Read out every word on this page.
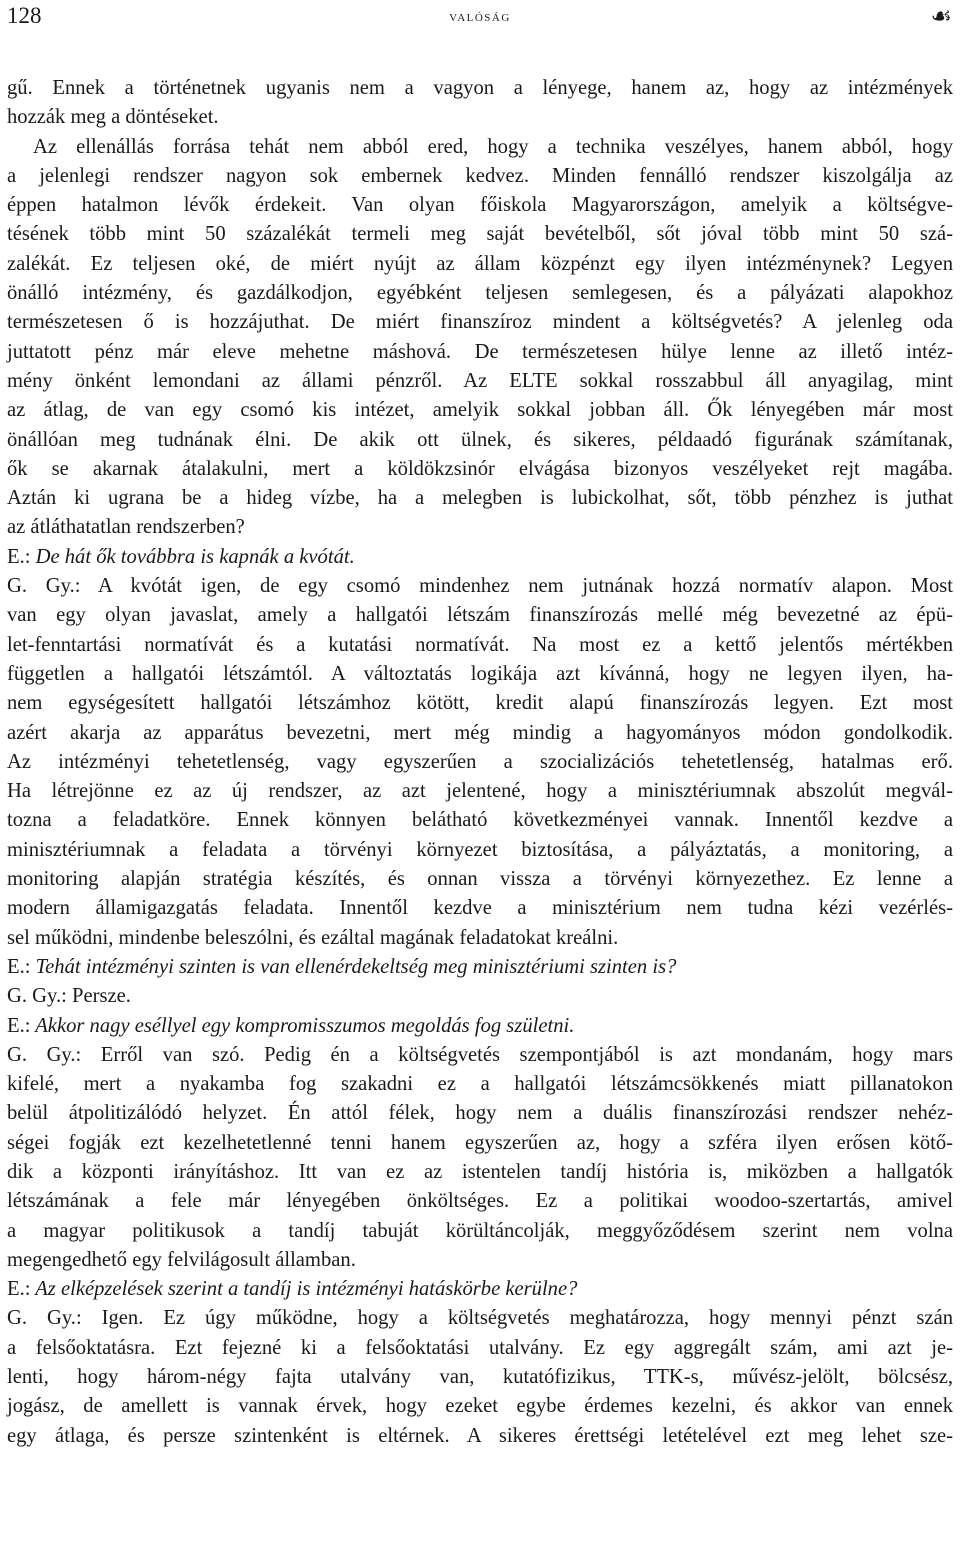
128	valóság	☙
gű. Ennek a történetnek ugyanis nem a vagyon a lényege, hanem az, hogy az intézmények
hozzák meg a döntéseket.
Az ellenállás forrása tehát nem abból ered, hogy a technika veszélyes, hanem abból, hogy
a jelenlegi rendszer nagyon sok embernek kedvez. Minden fennálló rendszer kiszolgálja az
éppen hatalmon lévők érdekeit. Van olyan főiskola Magyarországon, amelyik a költségve-
tésének több mint 50 százalékát termeli meg saját bevételből, sőt jóval több mint 50 szá-
zalékát. Ez teljesen oké, de miért nyújt az állam közpénzt egy ilyen intézménynek? Legyen
önálló intézmény, és gazdálkodjon, egyébként teljesen semlegesen, és a pályázati alapokhoz
természetesen ő is hozzájuthat. De miért finanszíroz mindent a költségvetés? A jelenleg oda
juttatott pénz már eleve mehetne máshová. De természetesen hülye lenne az illető intéz-
mény önként lemondani az állami pénzről. Az ELTE sokkal rosszabbul áll anyagilag, mint
az átlag, de van egy csomó kis intézet, amelyik sokkal jobban áll. Ők lényegében már most
önállóan meg tudnának élni. De akik ott ülnek, és sikeres, példaadó figurának számítanak,
ők se akarnak átalakulni, mert a köldökzsinór elvágása bizonyos veszélyeket rejt magába.
Aztán ki ugrana be a hideg vízbe, ha a melegben is lubickolhat, sőt, több pénzhez is juthat
az átláthatatlan rendszerben?
E.: De hát ők továbbra is kapnák a kvótát.
G. Gy.: A kvótát igen, de egy csomó mindenhez nem jutnának hozzá normatív alapon. Most
van egy olyan javaslat, amely a hallgatói létszám finanszírozás mellé még bevezetné az épü-
let-fenntartási normatívát és a kutatási normatívát. Na most ez a kettő jelentős mértékben
független a hallgatói létszámtól. A változtatás logikája azt kívánná, hogy ne legyen ilyen, ha-
nem egységesített hallgatói létszámhoz kötött, kredit alapú finanszírozás legyen. Ezt most
azért akarja az apparátus bevezetni, mert még mindig a hagyományos módon gondolkodik.
Az intézményi tehetetlenség, vagy egyszerűen a szocializációs tehetetlenség, hatalmas erő.
Ha létrejönne ez az új rendszer, az azt jelentené, hogy a minisztériumnak abszolút megvál-
tozna a feladatköre. Ennek könnyen belátható következményei vannak. Innentől kezdve a
minisztériumnak a feladata a törvényi környezet biztosítása, a pályáztatás, a monitoring, a
monitoring alapján stratégia készítés, és onnan vissza a törvényi környezethez. Ez lenne a
modern államigazgatás feladata. Innentől kezdve a minisztérium nem tudna kézi vezérlés-
sel működni, mindenbe beleszólni, és ezáltal magának feladatokat kreálni.
E.: Tehát intézményi szinten is van ellenérdekeltség meg minisztériumi szinten is?
G. Gy.: Persze.
E.: Akkor nagy eséllyel egy kompromisszumos megoldás fog születni.
G. Gy.: Erről van szó. Pedig én a költségvetés szempontjából is azt mondanám, hogy mars
kifelé, mert a nyakamba fog szakadni ez a hallgatói létszámcsökkenés miatt pillanatokon
belül átpolitizálódó helyzet. Én attól félek, hogy nem a duális finanszírozási rendszer nehéz-
ségei fogják ezt kezelhetetlenné tenni hanem egyszerűen az, hogy a szféra ilyen erősen kötő-
dik a központi irányításhoz. Itt van ez az istentelen tandíj história is, miközben a hallgatók
létszámának a fele már lényegében önköltséges. Ez a politikai woodoo-szertartás, amivel
a magyar politikusok a tandíj tabuját körültáncolják, meggyőződésem szerint nem volna
megengedhető egy felvilágosult államban.
E.: Az elképzelések szerint a tandíj is intézményi hatáskörbe kerülne?
G. Gy.: Igen. Ez úgy működne, hogy a költségvetés meghatározza, hogy mennyi pénzt szán
a felsőoktatásra. Ezt fejezné ki a felsőoktatási utalvány. Ez egy aggregált szám, ami azt je-
lenti, hogy három-négy fajta utalvány van, kutatófizikus, TTK-s, művész-jelölt, bölcsész,
jogász, de amellett is vannak érvek, hogy ezeket egybe érdemes kezelni, és akkor van ennek
egy átlaga, és persze szintenként is eltérnek. A sikeres érettségi letételével ezt meg lehet sze-
